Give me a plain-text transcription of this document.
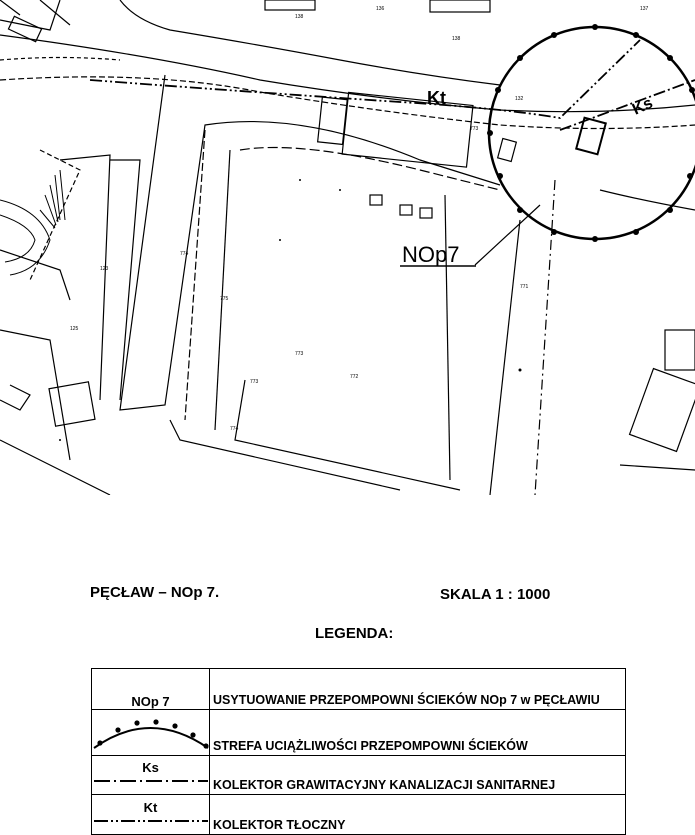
138
136
138
125
773
774
775
123
771
772
773
774
137
132
773
Kt	Ks
NOp7
PĘCŁAW – NOp 7.	SKALA 1 : 1000
LEGENDA:
NOp 7	USYTUOWANIE PRZEPOMPOWNI ŚCIEKÓW NOp 7 w PĘCŁAWIU
	STREFA UCIĄŻLIWOŚCI PRZEPOMPOWNI ŚCIEKÓW

Ks	KOLEKTOR GRAWITACYJNY KANALIZACJI SANITARNEJ

Kt	KOLEKTOR TŁOCZNY
